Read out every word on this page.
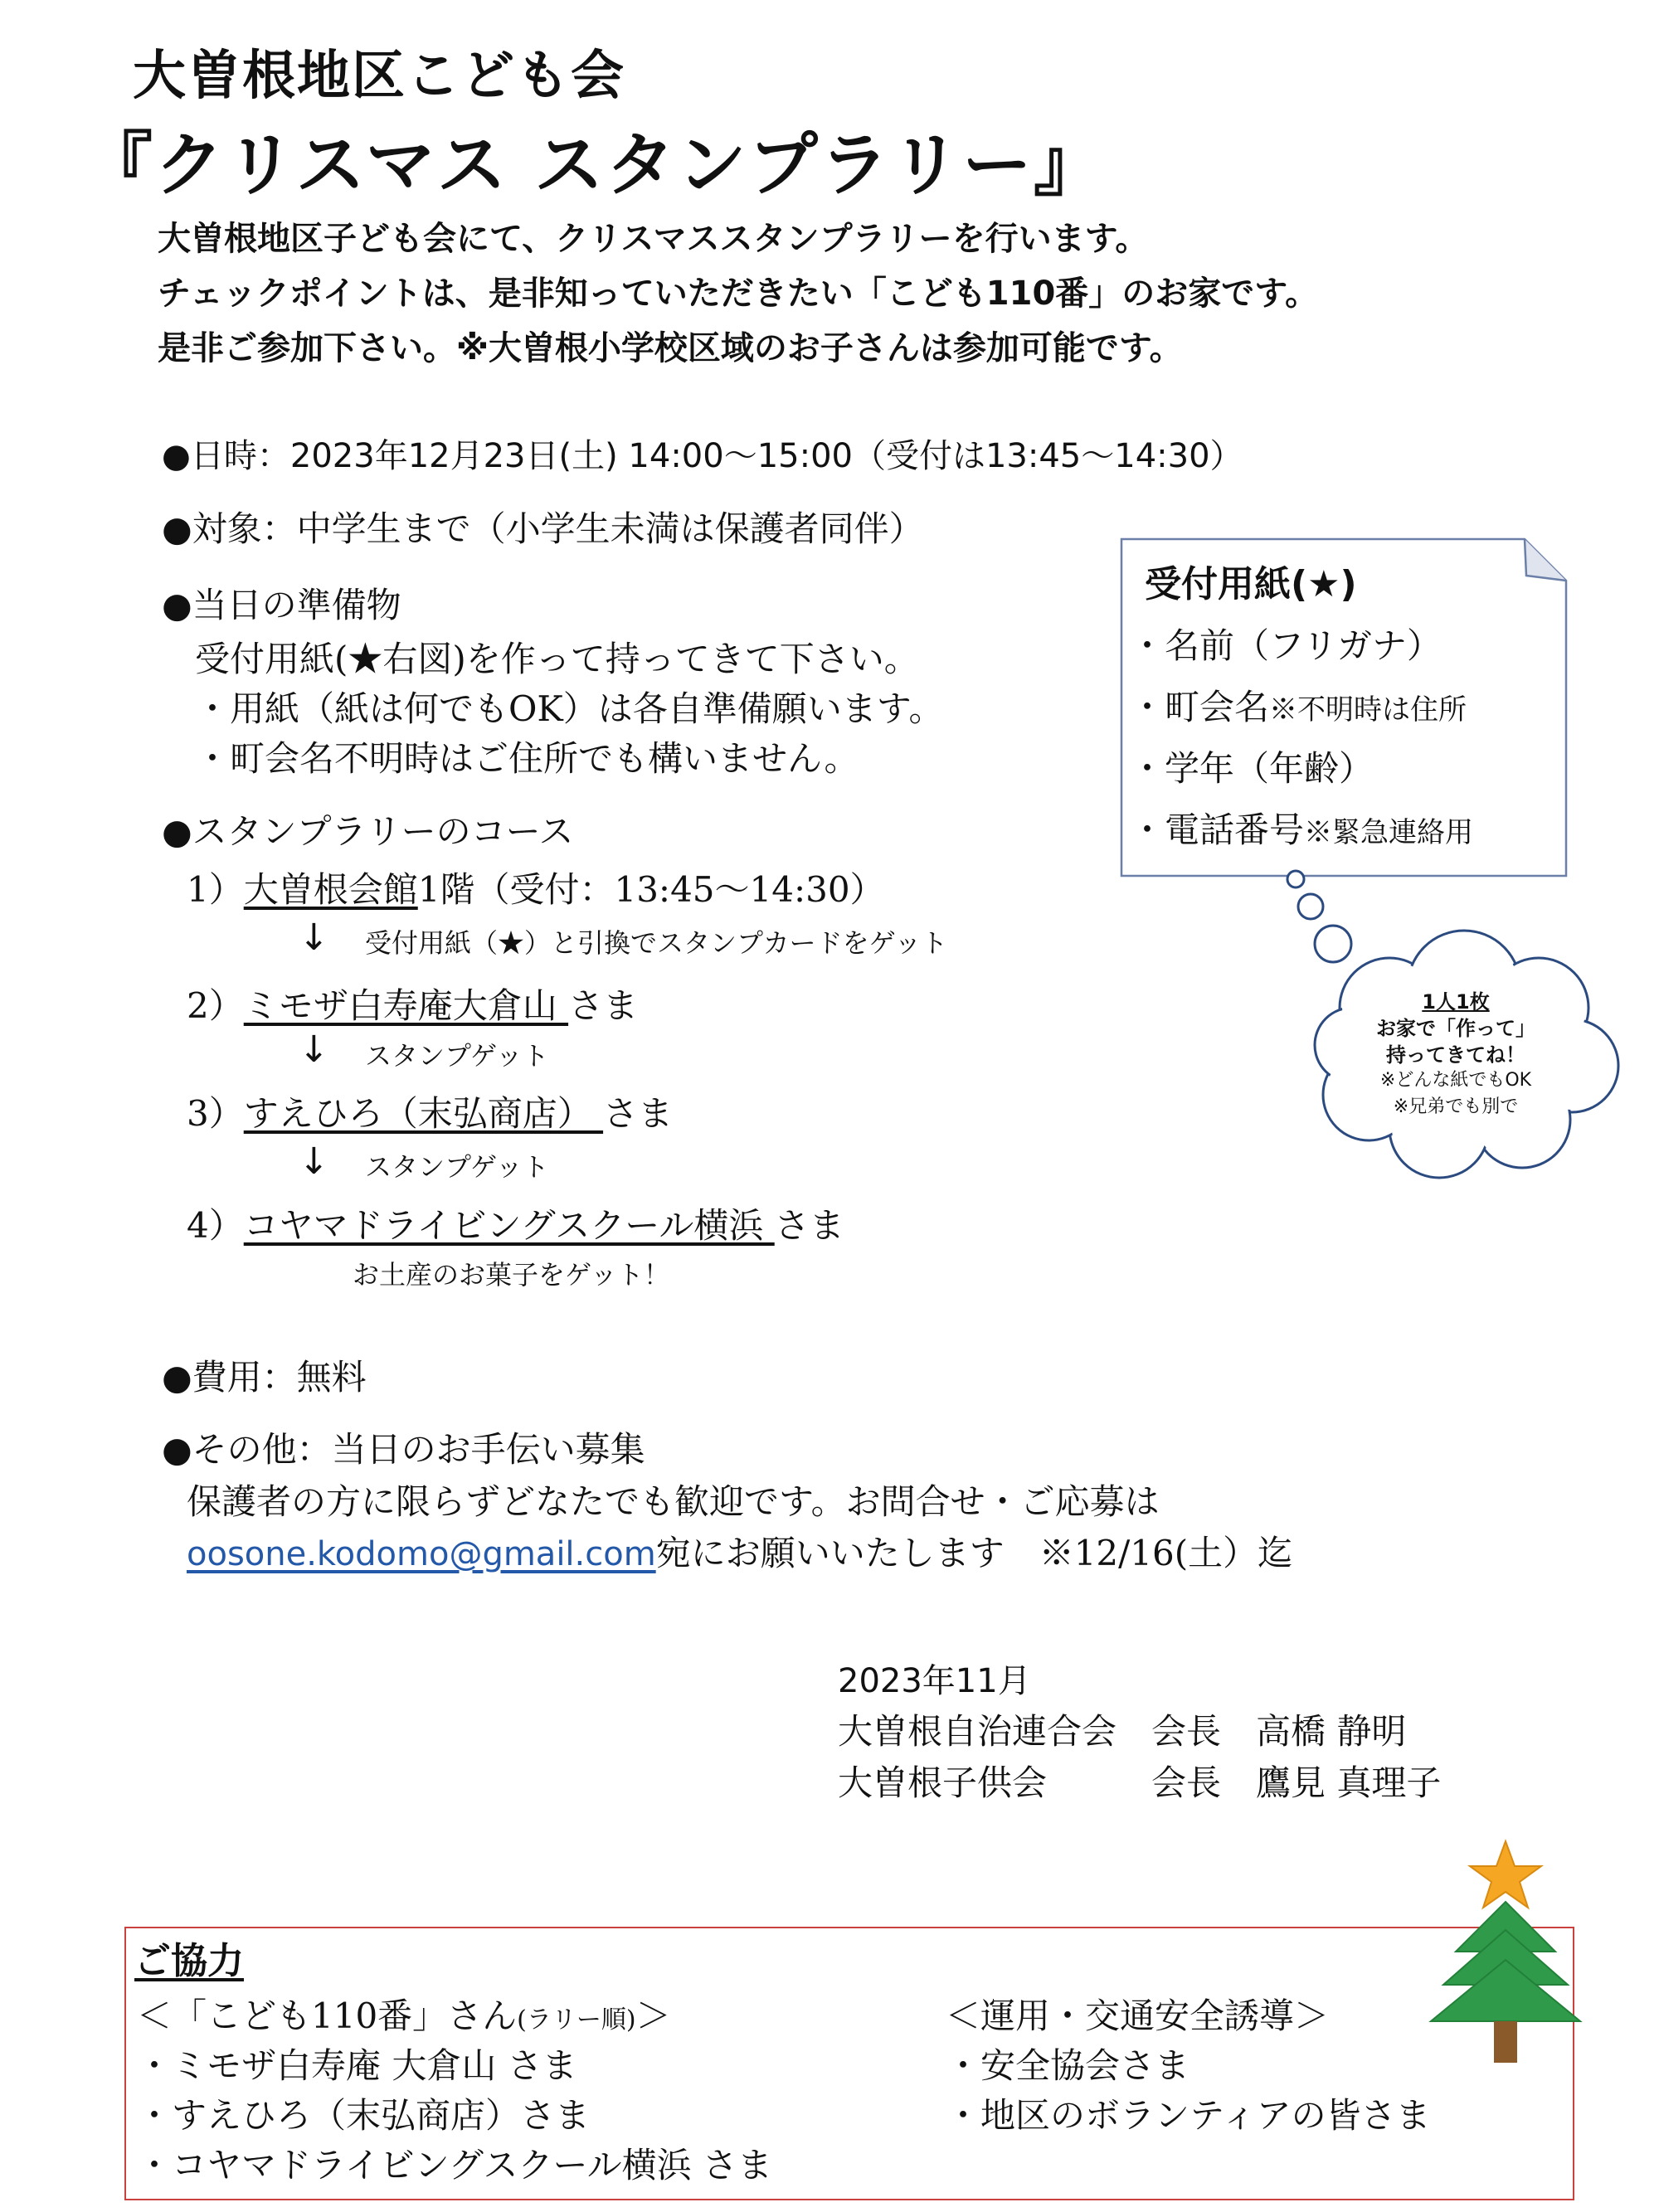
大曽根地区こども会
『クリスマス スタンプラリー』
大曽根地区子ども会にて、クリスマススタンプラリーを行います。
チェックポイントは、是非知っていただきたい「こども110番」のお家です。
是非ご参加下さい。※大曽根小学校区域のお子さんは参加可能です。
●日時：2023年12月23日(土) 14:00～15:00（受付は13:45～14:30）
●対象：中学生まで（小学生未満は保護者同伴）
●当日の準備物
受付用紙(★右図)を作って持ってきて下さい。
・用紙（紙は何でもOK）は各自準備願います。
・町会名不明時はご住所でも構いません。
●スタンプラリーのコース
1）大曽根会館1階（受付：13:45～14:30）
↓ 受付用紙（★）と引換でスタンプカードをゲット
2）ミモザ白寿庵大倉山 さま
↓ スタンプゲット
3）すえひろ（末弘商店） さま
↓ スタンプゲット
4）コヤマドライビングスクール横浜 さま
お土産のお菓子をゲット！
●費用：無料
●その他：当日のお手伝い募集
保護者の方に限らずどなたでも歓迎です。お問合せ・ご応募は
oosone.kodomo@gmail.com宛にお願いいたします　※12/16(土）迄
受付用紙(★)
・名前（フリガナ）
・町会名※不明時は住所
・学年（年齢）
・電話番号※緊急連絡用
1人1枚
お家で「作って」
持ってきてね！
※どんな紙でもOK
※兄弟でも別で
2023年11月
大曽根自治連合会　会長　高橋 静明
大曽根子供会　　　会長　鷹見 真理子
ご協力
＜「こども110番」さん(ラリー順)＞
・ミモザ白寿庵 大倉山 さま
・すえひろ（末弘商店）さま
・コヤマドライビングスクール横浜 さま
＜運用・交通安全誘導＞
・安全協会さま
・地区のボランティアの皆さま
